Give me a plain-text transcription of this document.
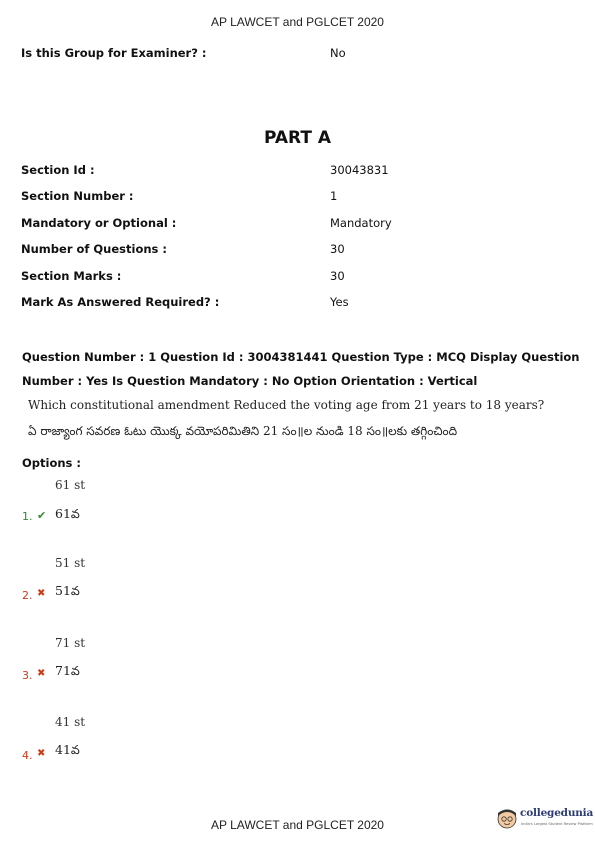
AP LAWCET and PGLCET 2020
Is this Group for Examiner? :	No
PART A
Section Id :	30043831
Section Number :	1
Mandatory or Optional :	Mandatory
Number of Questions :	30
Section Marks :	30
Mark As Answered Required? :	Yes
Question Number : 1 Question Id : 3004381441 Question Type : MCQ Display Question
Number : Yes Is Question Mandatory : No Option Orientation : Vertical
Which constitutional amendment Reduced the voting age from 21 years to 18 years?
ఏ రాజ్యాంగ సవరణ ఓటు యొక్క వయోపరిమితిని 21 సం॥ల నుండి 18 సం॥లకు తగ్గించింది
Options :
61 st
1. ✔ 61వ
51 st
2. ✖ 51వ
71 st
3. ✖ 71వ
41 st
4. ✖ 41వ
AP LAWCET and PGLCET 2020
collegedunia
India's Largest Student Review Platform
